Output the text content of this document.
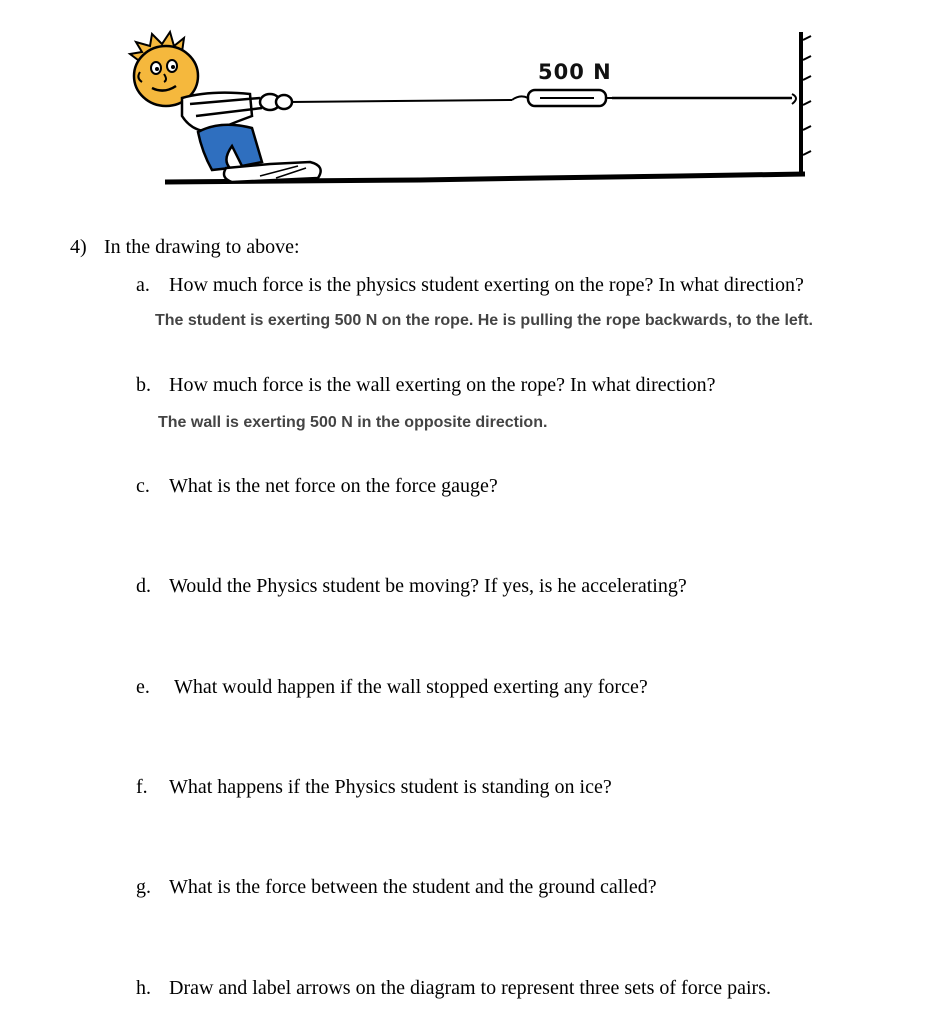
500 N
4) In the drawing to above:
a. How much force is the physics student exerting on the rope? In what direction?
The student is exerting 500 N on the rope. He is pulling the rope backwards, to the left.
b. How much force is the wall exerting on the rope? In what direction?
The wall is exerting 500 N in the opposite direction.
c. What is the net force on the force gauge?
d. Would the Physics student be moving? If yes, is he accelerating?
e. What would happen if the wall stopped exerting any force?
f. What happens if the Physics student is standing on ice?
g. What is the force between the student and the ground called?
h. Draw and label arrows on the diagram to represent three sets of force pairs.
